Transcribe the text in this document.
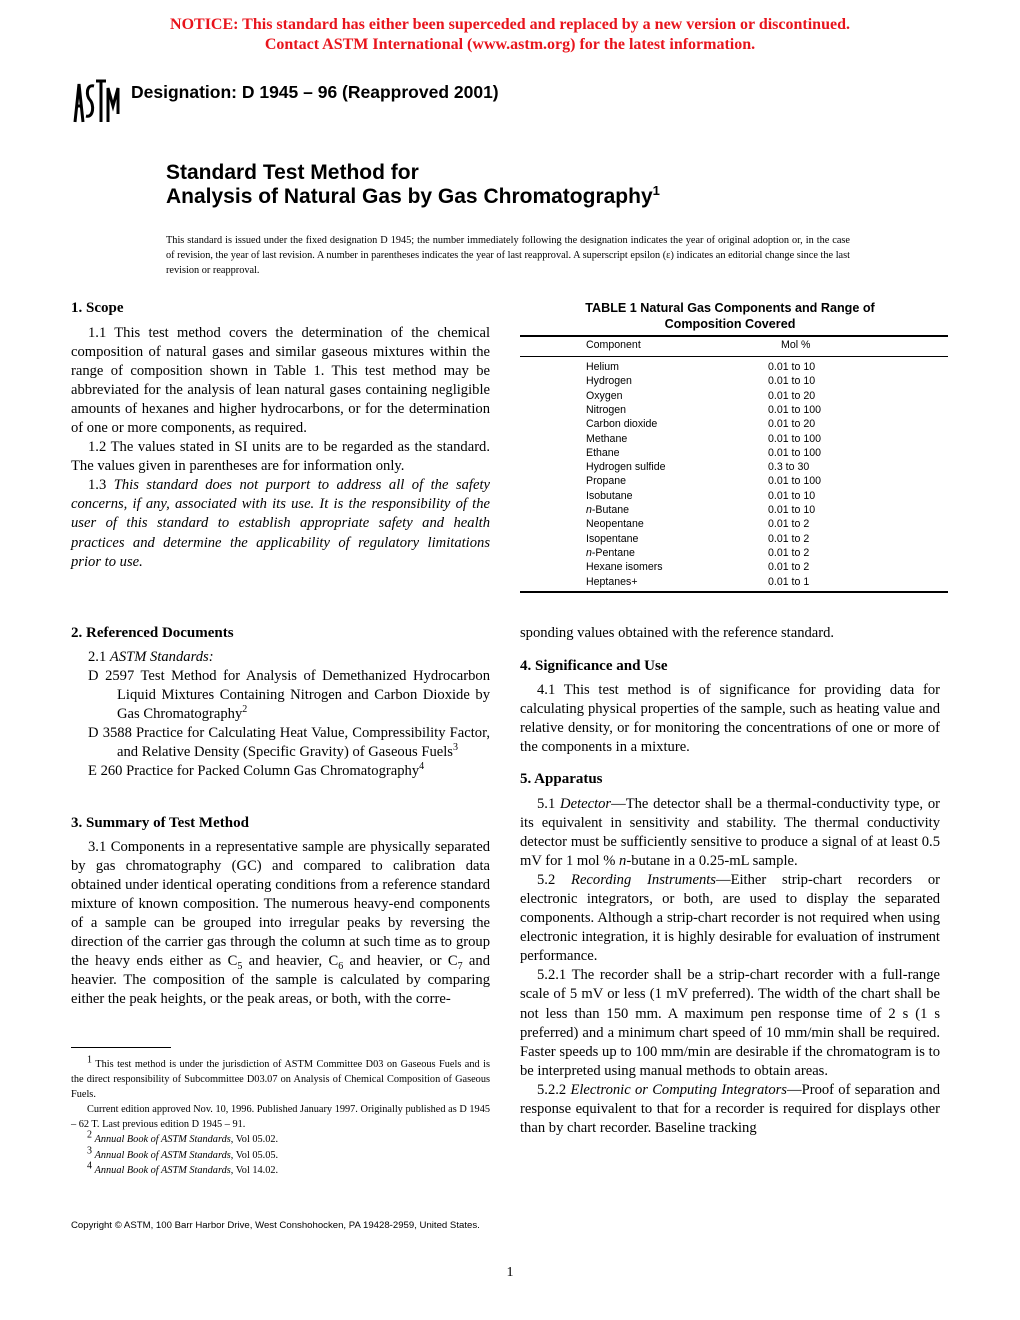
NOTICE: This standard has either been superceded and replaced by a new version or discontinued.
Contact ASTM International (www.astm.org) for the latest information.
Designation: D 1945 – 96 (Reapproved 2001)
Standard Test Method for
Analysis of Natural Gas by Gas Chromatography$^1$
This standard is issued under the fixed designation D 1945; the number immediately following the designation indicates the year of original adoption or, in the case of revision, the year of last revision. A number in parentheses indicates the year of last reapproval. A superscript epsilon (ε) indicates an editorial change since the last revision or reapproval.
1. Scope

1.1 This test method covers the determination of the chemical composition of natural gases and similar gaseous mixtures within the range of composition shown in Table 1. This test method may be abbreviated for the analysis of lean natural gases containing negligible amounts of hexanes and higher hydrocarbons, or for the determination of one or more components, as required.

1.2 The values stated in SI units are to be regarded as the standard. The values given in parentheses are for information only.

1.3 This standard does not purport to address all of the safety concerns, if any, associated with its use. It is the responsibility of the user of this standard to establish appropriate safety and health practices and determine the applicability of regulatory limitations prior to use.

2. Referenced Documents

2.1 ASTM Standards:

D 2597 Test Method for Analysis of Demethanized Hydrocarbon Liquid Mixtures Containing Nitrogen and Carbon Dioxide by Gas Chromatography$^2$

D 3588 Practice for Calculating Heat Value, Compressibility Factor, and Relative Density (Specific Gravity) of Gaseous Fuels$^3$

E 260 Practice for Packed Column Gas Chromatography$^4$

3. Summary of Test Method

3.1 Components in a representative sample are physically separated by gas chromatography (GC) and compared to calibration data obtained under identical operating conditions from a reference standard mixture of known composition. The numerous heavy-end components of a sample can be grouped into irregular peaks by reversing the direction of the carrier gas through the column at such time as to group the heavy ends either as $C_5$ and heavier, $C_6$ and heavier, or $C_7$ and heavier. The composition of the sample is calculated by comparing either the peak heights, or the peak areas, or both, with the corre-

$^1$ This test method is under the jurisdiction of ASTM Committee D03 on Gaseous Fuels and is the direct responsibility of Subcommittee D03.07 on Analysis of Chemical Composition of Gaseous Fuels.

Current edition approved Nov. 10, 1996. Published January 1997. Originally published as D 1945 – 62 T. Last previous edition D 1945 – 91.

$^2$ Annual Book of ASTM Standards, Vol 05.02.

$^3$ Annual Book of ASTM Standards, Vol 05.05.

$^4$ Annual Book of ASTM Standards, Vol 14.02.

TABLE 1 Natural Gas Components and Range of
Composition Covered
Component	Mol %
Helium	0.01 to 10
Hydrogen	0.01 to 10
Oxygen	0.01 to 20
Nitrogen	0.01 to 100
Carbon dioxide	0.01 to 20
Methane	0.01 to 100
Ethane	0.01 to 100
Hydrogen sulfide	0.3 to 30
Propane	0.01 to 100
Isobutane	0.01 to 10
n-Butane	0.01 to 10
Neopentane	0.01 to 2
Isopentane	0.01 to 2
n-Pentane	0.01 to 2
Hexane isomers	0.01 to 2
Heptanes+	0.01 to 1
sponding values obtained with the reference standard.
4. Significance and Use

4.1 This test method is of significance for providing data for calculating physical properties of the sample, such as heating value and relative density, or for monitoring the concentrations of one or more of the components in a mixture.

5. Apparatus

5.1 Detector—The detector shall be a thermal-conductivity type, or its equivalent in sensitivity and stability. The thermal conductivity detector must be sufficiently sensitive to produce a signal of at least 0.5 mV for 1 mol % n-butane in a 0.25-mL sample.

5.2 Recording Instruments—Either strip-chart recorders or electronic integrators, or both, are used to display the separated components. Although a strip-chart recorder is not required when using electronic integration, it is highly desirable for evaluation of instrument performance.

5.2.1 The recorder shall be a strip-chart recorder with a full-range scale of 5 mV or less (1 mV preferred). The width of the chart shall be not less than 150 mm. A maximum pen response time of 2 s (1 s preferred) and a minimum chart speed of 10 mm/min shall be required. Faster speeds up to 100 mm/min are desirable if the chromatogram is to be interpreted using manual methods to obtain areas.

5.2.2 Electronic or Computing Integrators—Proof of separation and response equivalent to that for a recorder is required for displays other than by chart recorder. Baseline tracking

Copyright © ASTM, 100 Barr Harbor Drive, West Conshohocken, PA 19428-2959, United States.
1
